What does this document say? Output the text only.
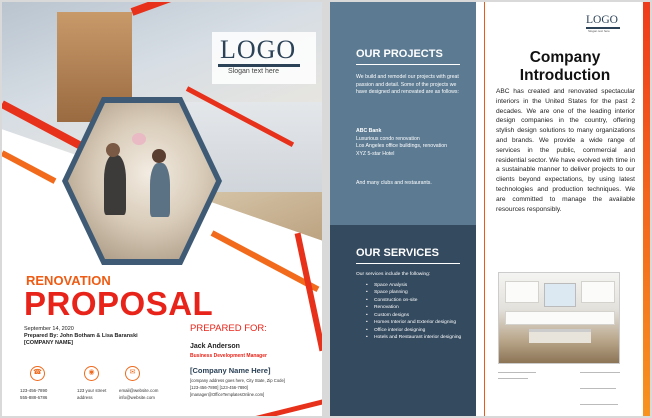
LOGO
Slogan text here
RENOVATION
PROPOSAL
September 14, 2020
Prepared By: John Botham & Lisa Baranski
[COMPANY NAME]
PREPARED FOR:
Jack Anderson
Business Development Manager
[Company Name Here]
[company address goes here, City State, Zip Code]
[123-456-7890] [123-456-7890]
[manager@OfficeTemplatesOnline.com]
☎
123-456-7890
555-888-6786
◉
123 your street
address
✉
email@website.com
info@website.com
OUR PROJECTS
We build and remodel our projects with great passion and detail. Some of the projects we have designed and renovated are as follows:
ABC Bank
Luxurious condo renovation
Los Angeles office buildings, renovation
XYZ 5-star Hotel
And many clubs and restaurants.
OUR SERVICES
Our services include the following:
• Space Analysis
• Space planning
• Construction on-site
• Renovation
• Custom designs
• Homes Interior and Exterior designing
• Office interior designing
• Hotels and Restaurant interior designing
LOGO
Slogan text here
Company Introduction
ABC has created and renovated spectacular interiors in the United States for the past 2 decades. We are one of the leading interior design companies in the country, offering stylish design solutions to many organizations and brands. We provide a wide range of services in the public, commercial and residential sector. We have evolved with time in a sustainable manner to deliver projects to our clients beyond expectations, by using latest technologies and production techniques. We are committed to manage the available resources responsibly.
